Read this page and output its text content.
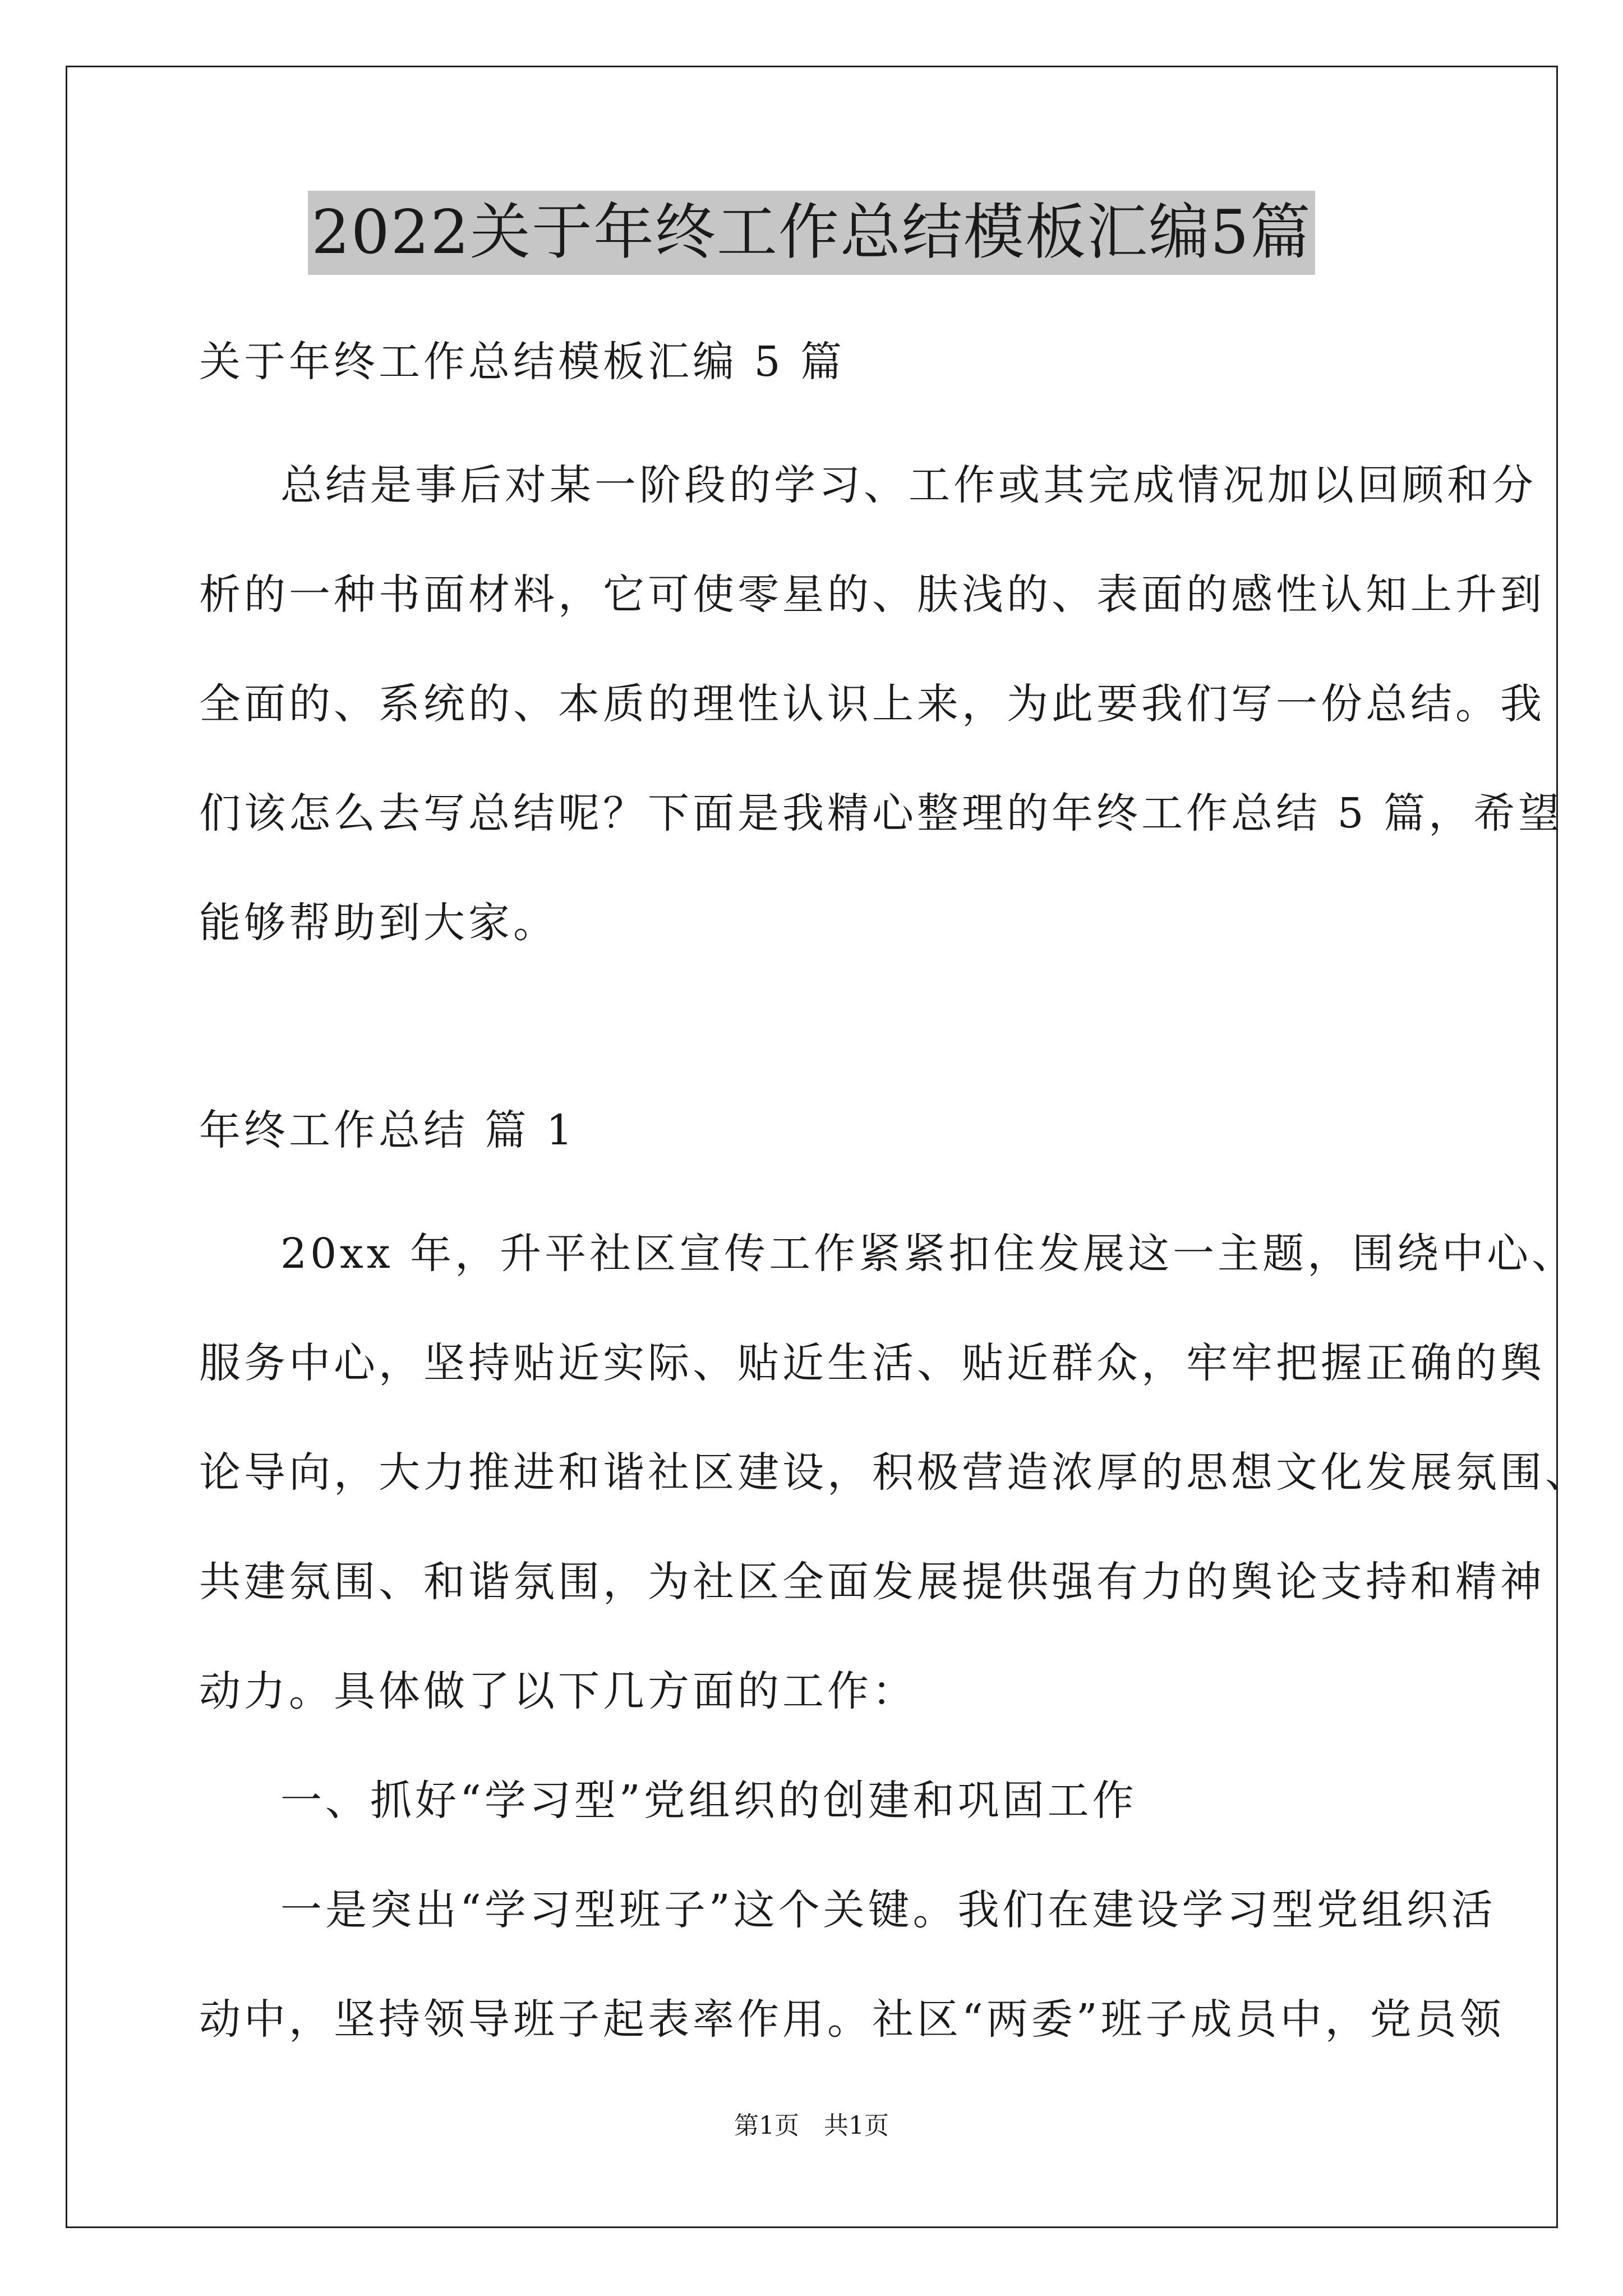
2022关于年终工作总结模板汇编5篇
关于年终工作总结模板汇编 5 篇
总结是事后对某一阶段的学习、工作或其完成情况加以回顾和分
析的一种书面材料，它可使零星的、肤浅的、表面的感性认知上升到
全面的、系统的、本质的理性认识上来，为此要我们写一份总结。我
们该怎么去写总结呢？下面是我精心整理的年终工作总结 5 篇，希望
能够帮助到大家。
年终工作总结 篇 1
20xx 年，升平社区宣传工作紧紧扣住发展这一主题，围绕中心、
服务中心，坚持贴近实际、贴近生活、贴近群众，牢牢把握正确的舆
论导向，大力推进和谐社区建设，积极营造浓厚的思想文化发展氛围、
共建氛围、和谐氛围，为社区全面发展提供强有力的舆论支持和精神
动力。具体做了以下几方面的工作：
一、抓好“学习型”党组织的创建和巩固工作
一是突出“学习型班子”这个关键。我们在建设学习型党组织活
动中，坚持领导班子起表率作用。社区“两委”班子成员中，党员领
第1页 共1页
